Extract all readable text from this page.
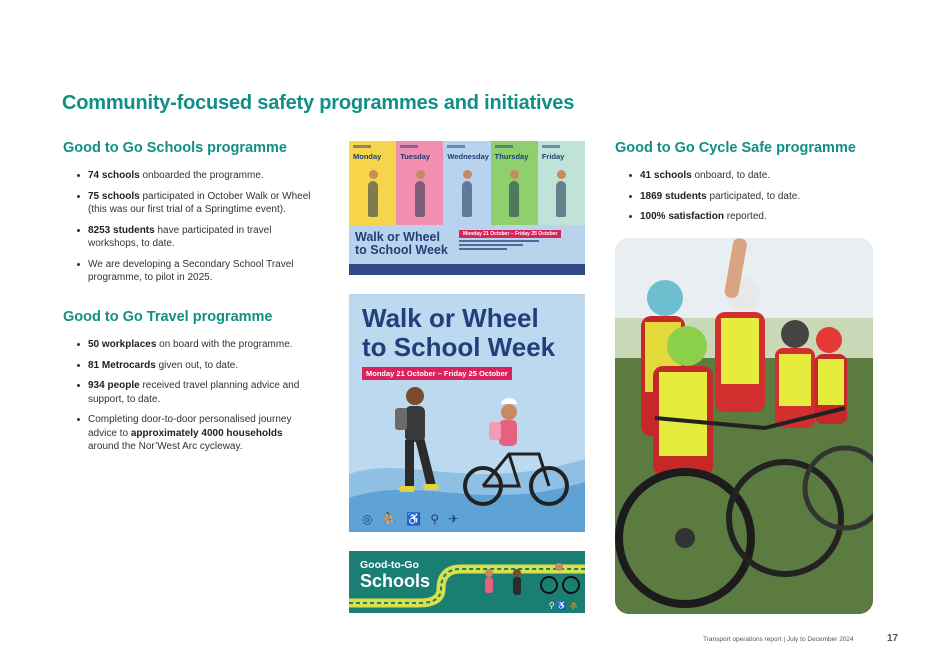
Community-focused safety programmes and initiatives
Good to Go Schools programme
74 schools onboarded the programme.
75 schools participated in October Walk or Wheel (this was our first trial of a Springtime event).
8253 students have participated in travel workshops, to date.
We are developing a Secondary School Travel programme, to pilot in 2025.
Good to Go Travel programme
50 workplaces on board with the programme.
81 Metrocards given out, to date.
934 people received travel planning advice and support, to date.
Completing door-to-door personalised journey advice to approximately 4000 households around the Nor’West Arc cycleway.
Good to Go Cycle Safe programme
41 schools onboard, to date.
1869 students participated, to date.
100% satisfaction reported.
Monday	Tuesday Wednesday Thursday Friday
Walk or Wheel to School Week
Monday 21 October – Friday 25 October
Walk or Wheel
to School Week
Monday 21 October – Friday 25 October
◎ ⛹ ♿ ⚲ ✈
Good-to-Go
Schools
⚲ ♿ ⛹
Transport operations report | July to December 2024	17
